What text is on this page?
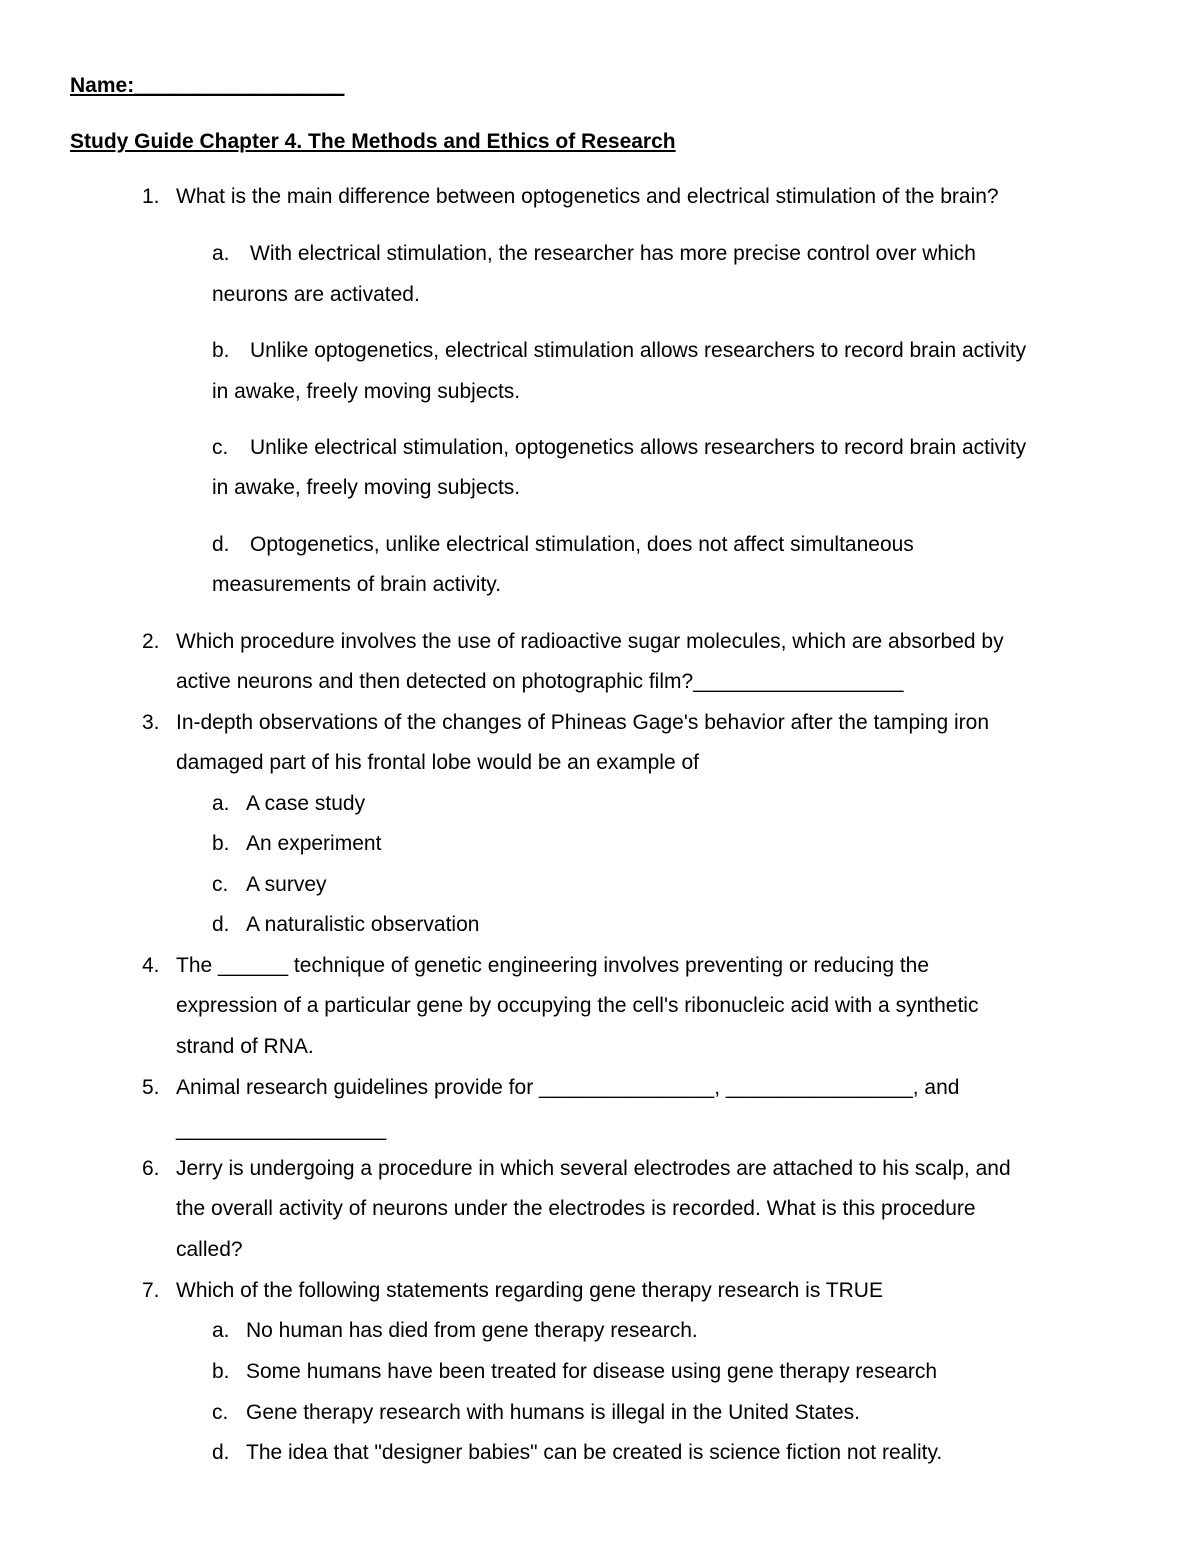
Name:__________________
Study Guide Chapter 4. The Methods and Ethics of Research
1. What is the main difference between optogenetics and electrical stimulation of the brain?
a. With electrical stimulation, the researcher has more precise control over which
neurons are activated.
b. Unlike optogenetics, electrical stimulation allows researchers to record brain activity
in awake, freely moving subjects.
c. Unlike electrical stimulation, optogenetics allows researchers to record brain activity
in awake, freely moving subjects.
d. Optogenetics, unlike electrical stimulation, does not affect simultaneous
measurements of brain activity.
2. Which procedure involves the use of radioactive sugar molecules, which are absorbed by
active neurons and then detected on photographic film?__________________
3. In-depth observations of the changes of Phineas Gage's behavior after the tamping iron
damaged part of his frontal lobe would be an example of
a. A case study
b. An experiment
c. A survey
d. A naturalistic observation
4. The ______ technique of genetic engineering involves preventing or reducing the
expression of a particular gene by occupying the cell's ribonucleic acid with a synthetic
strand of RNA.
5. Animal research guidelines provide for _______________, ________________, and
__________________
6. Jerry is undergoing a procedure in which several electrodes are attached to his scalp, and
the overall activity of neurons under the electrodes is recorded. What is this procedure
called?
7. Which of the following statements regarding gene therapy research is TRUE
a. No human has died from gene therapy research.
b. Some humans have been treated for disease using gene therapy research
c. Gene therapy research with humans is illegal in the United States.
d. The idea that "designer babies" can be created is science fiction not reality.
